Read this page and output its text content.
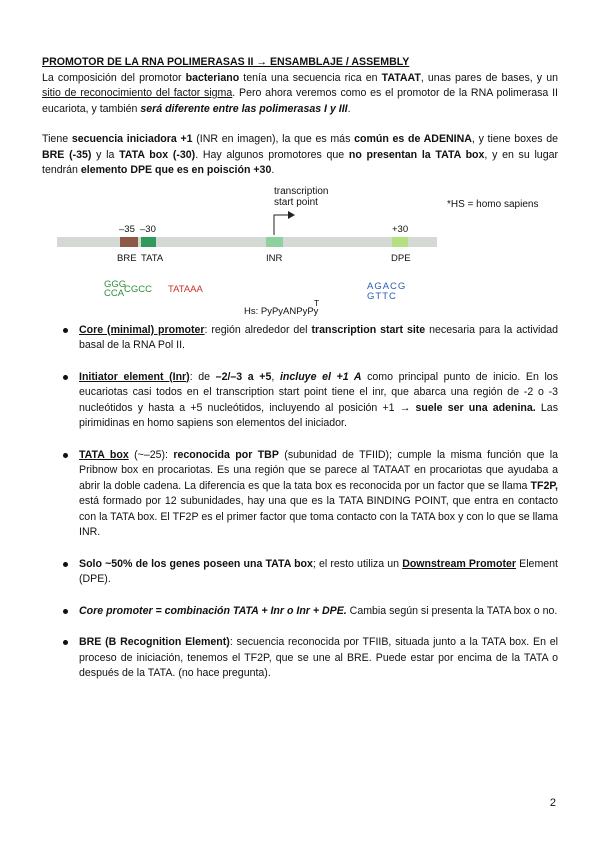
PROMOTOR DE LA RNA POLIMERASAS II → ENSAMBLAJE / ASSEMBLY

La composición del promotor bacteriano tenía una secuencia rica en TATAAT, unas pares de bases, y un sitio de reconocimiento del factor sigma. Pero ahora veremos como es el promotor de la RNA polimerasa II eucariota, y también será diferente entre las polimerasas I y III.

Tiene secuencia iniciadora +1 (INR en imagen), la que es más común es de ADENINA, y tiene boxes de BRE (-35) y la TATA box (-30). Hay algunos promotores que no presentan la TATA box, y en su lugar tendrán elemento DPE que es en poisción +30.

transcription
start point	*HS = homo sapiens
–35 –30	+30
BRE TATA	INR	DPE
GGG
CCA CGCC TATAAA
T
Hs: PyPyANPyPy
AGACG
GTTC
Core (minimal) promoter: región alrededor del transcription start site necesaria para la actividad basal de la RNA Pol II.
Initiator element (Inr): de –2/–3 a +5, incluye el +1 A como principal punto de inicio. En los eucariotas casi todos en el transcription start point tiene el inr, que abarca una región de -2 o -3 nucleótidos y hasta a +5 nucleótidos, incluyendo al posición +1 → suele ser una adenina. Las pirimidinas en homo sapiens son elementos del iniciador.
TATA box (~–25): reconocida por TBP (subunidad de TFIID); cumple la misma función que la Pribnow box en procariotas. Es una región que se parece al TATAAT en procariotas que ayudaba a abrir la doble cadena. La diferencia es que la tata box es reconocida por un factor que se llama TF2P, está formado por 12 subunidades, hay una que es la TATA BINDING POINT, que entra en contacto con la TATA box. El TF2P es el primer factor que toma contacto con la TATA box y con lo que se llama INR.
Solo ~50% de los genes poseen una TATA box; el resto utiliza un Downstream Promoter Element (DPE).
Core promoter = combinación TATA + Inr o Inr + DPE. Cambia según si presenta la TATA box o no.
BRE (B Recognition Element): secuencia reconocida por TFIIB, situada junto a la TATA box. En el proceso de iniciación, tenemos el TF2P, que se une al BRE. Puede estar por encima de la TATA o después de la TATA. (no hace pregunta).
2
